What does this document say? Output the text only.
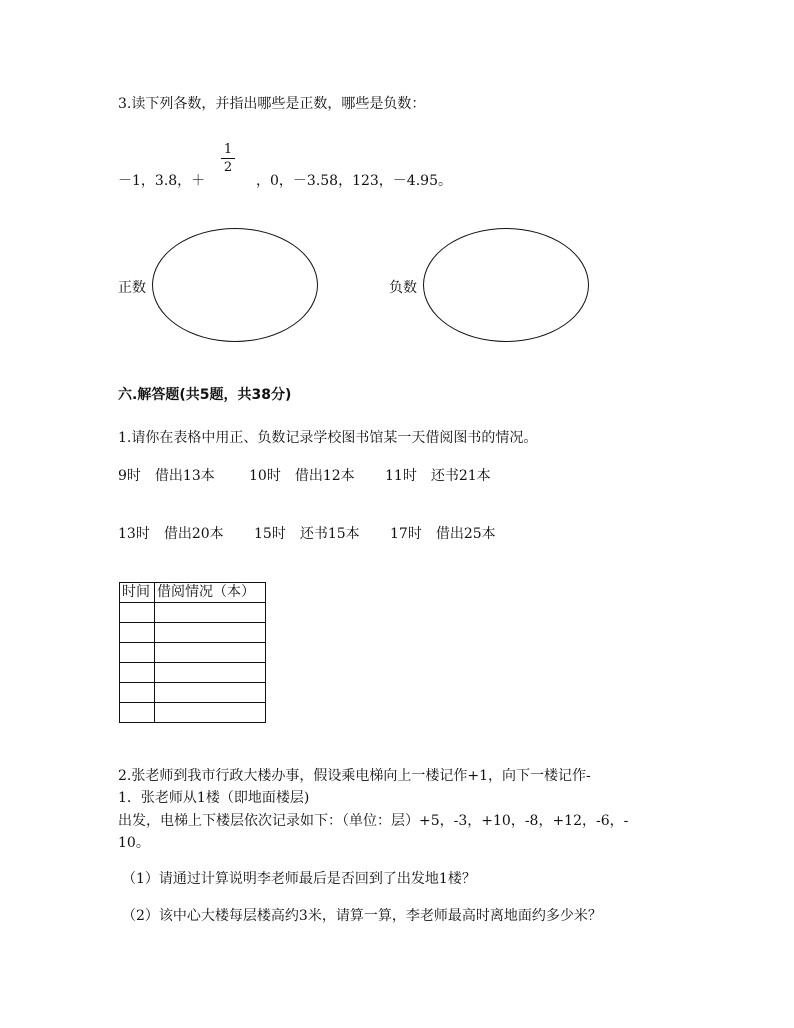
3.读下列各数，并指出哪些是正数，哪些是负数：
－1，3.8，＋
1
2
，0，－3.58，123，－4.95。
正数	负数
六.解答题(共5题，共38分)
1.请你在表格中用正、负数记录学校图书馆某一天借阅图书的情况。
9时　借出13本 10时　借出12本 11时　还书21本
13时　借出20本 15时　还书15本 17时　借出25本
时间	借阅情况（本）

2.张老师到我市行政大楼办事，假设乘电梯向上一楼记作+1，向下一楼记作-
1．张老师从1楼（即地面楼层)
出发，电梯上下楼层依次记录如下：（单位：层）+5，-3，+10，-8，+12，-6，-
10。
（1）请通过计算说明李老师最后是否回到了出发地1楼？
（2）该中心大楼每层楼高约3米，请算一算，李老师最高时离地面约多少米？
